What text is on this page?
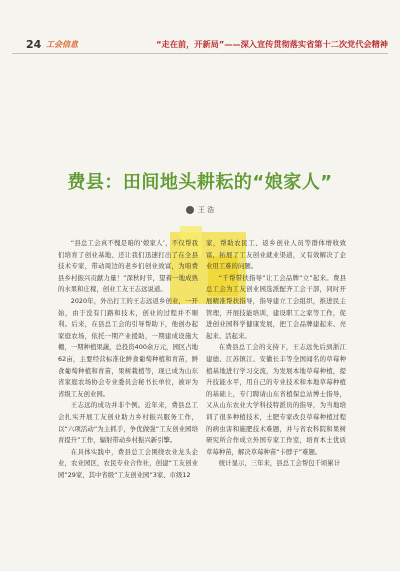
24 工会信息	“走在前，开新局”——深入宣传贯彻落实省第十二次党代会精神
费县：田间地头耕耘的“娘家人”
王 浩

“县总工会真不愧是咱的‘娘家人’，不仅帮我们培育了创业基地、还让我们迅速打出了在全县技术专家，带动周边的老乡们创业致富，为咱费县乡村振兴贡献力量！”深秋时节，望着一地成熟的水果和庄稼，创业工友王志远说道。

2020年，外出打工的王志远返乡创业，一开始，由于没有门路和技术，创业的过程并不顺利。后来，在县总工会的引导帮助下，他创办起家庭农场，依托一期产业援助，一期建成设施大棚，一期种植果蔬，总投资400余万元，园区占地62亩，主要经营标准化鲜食葡萄种植和育苗，鲜食葡萄种植和育苗，果树栽植等，现已成为山东省家庭农场协会专业委员会秘书长单位，被评为省级工友创业园。

王志远的成功并非个例。近年来，费县总工会扎实开展工友创业助力乡村振兴服务工作，以“六项活动”为主抓手，争优做强“工友创业园培育提升”工作，辐射带动乡村振兴新引擎。

在具体实践中，费县总工会围绕农业龙头企业，农业园区，农民专业合作社，创建“工友创业园”29家，其中省级“工友创业园”3家、市级12

家，帮助农民工、返乡创业人员等群体增收致富，拓展了工友创业就业渠道，又有效解决了企业用工难的问题。

“千帮带扶指导”让工会品牌“立”起来。费县总工会为工友创业园选派配齐工会干部，同时开展精准帮扶指导，指导建立工会组织，推进民主管理，开展技能培训，建设职工之家等工作，促进创业园科学健康发展，把工会品牌建起来、亮起来、活起来。

在费县总工会的支持下，王志远先后到浙江建德、江苏镇江、安徽长丰等全国闻名的草莓种植基地进行学习交流，为发展本地草莓种植，提升技能水平，用自己的专业技术和本地草莓种植的基础上，专门聘请山东省植保总站博士指导，又从山东农业大学科技特派员的指导，为当地培训了很多种植技术，土肥专家改良草莓种植过程的病虫害和施肥技术难题，并与省农科院和果树研究所合作成立外国专家工作室，培育本土优质草莓种苗，解决草莓种苗“卡脖子”难题。

统计显示，三年来，县总工会帮包千顷累计
